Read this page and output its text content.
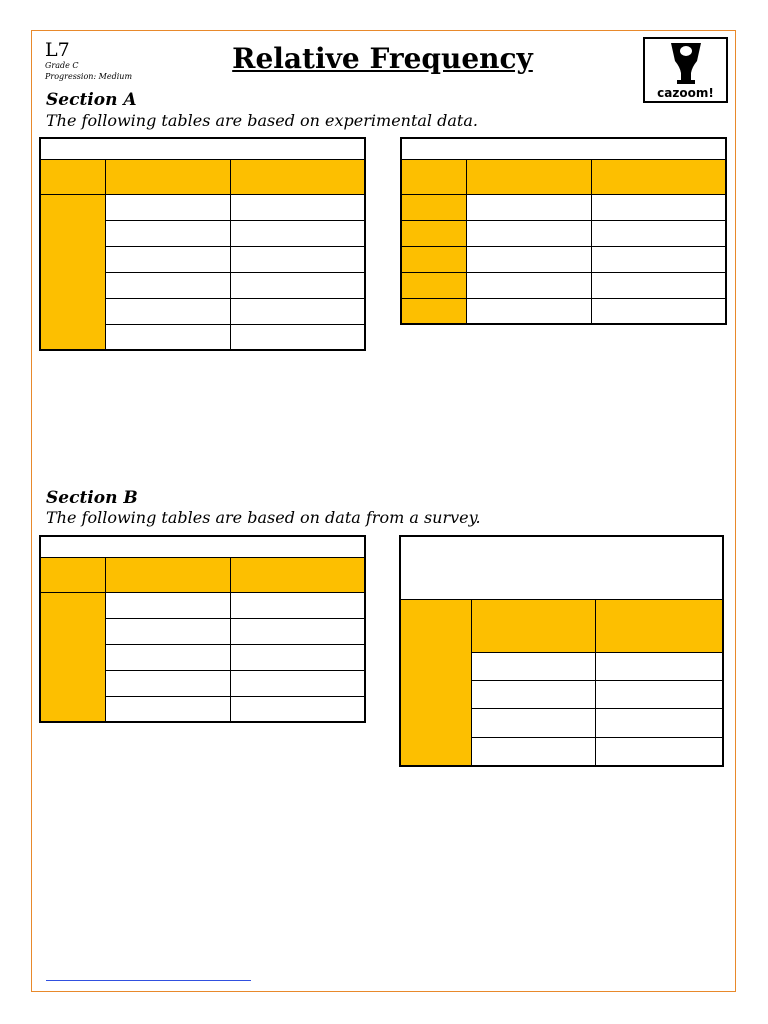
L7
Grade C
Progression: Medium
Relative Frequency
cazoom!
Section A
The following tables are based on experimental data.
Section B
The following tables are based on data from a survey.
